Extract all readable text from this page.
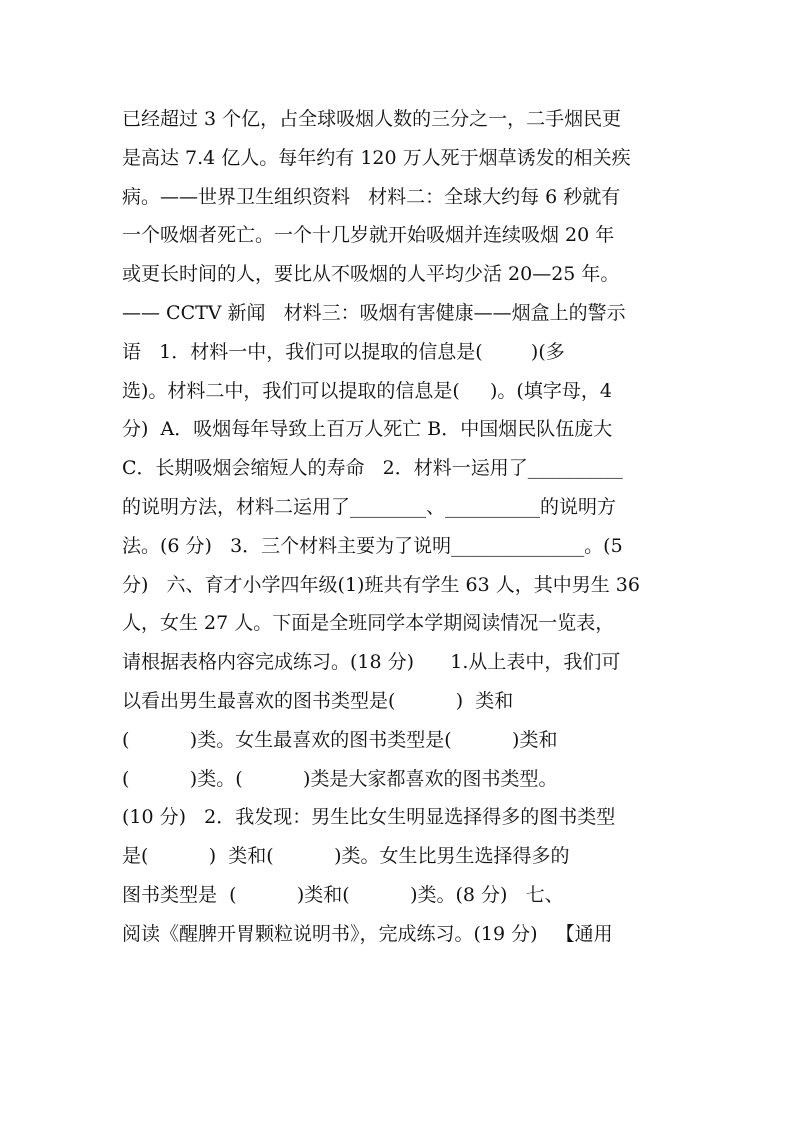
已经超过 3 个亿，占全球吸烟人数的三分之一，二手烟民更
是高达 7.4 亿人。每年约有 120 万人死于烟草诱发的相关疾
病。——世界卫生组织资料   材料二：全球大约每 6 秒就有
一个吸烟者死亡。一个十几岁就开始吸烟并连续吸烟 20 年
或更长时间的人，要比从不吸烟的人平均少活 20—25 年。
—— CCTV 新闻   材料三：吸烟有害健康——烟盒上的警示
语   1．材料一中，我们可以提取的信息是(        )(多
选)。材料二中，我们可以提取的信息是(     )。(填字母，4
分)  A．吸烟每年导致上百万人死亡 B．中国烟民队伍庞大
C．长期吸烟会缩短人的寿命   2．材料一运用了__________
的说明方法，材料二运用了________、__________的说明方
法。(6 分)   3．三个材料主要为了说明______________。(5
分)   六、育才小学四年级(1)班共有学生 63 人，其中男生 36
人，女生 27 人。下面是全班同学本学期阅读情况一览表，
请根据表格内容完成练习。(18 分)      1.从上表中，我们可
以看出男生最喜欢的图书类型是(          )  类和
(          )类。女生最喜欢的图书类型是(          )类和
(          )类。(          )类是大家都喜欢的图书类型。
(10 分)   2．我发现：男生比女生明显选择得多的图书类型
是(          )  类和(          )类。女生比男生选择得多的
图书类型是  (          )类和(          )类。(8 分)   七、
阅读《醒脾开胃颗粒说明书》，完成练习。(19 分)   【通用
